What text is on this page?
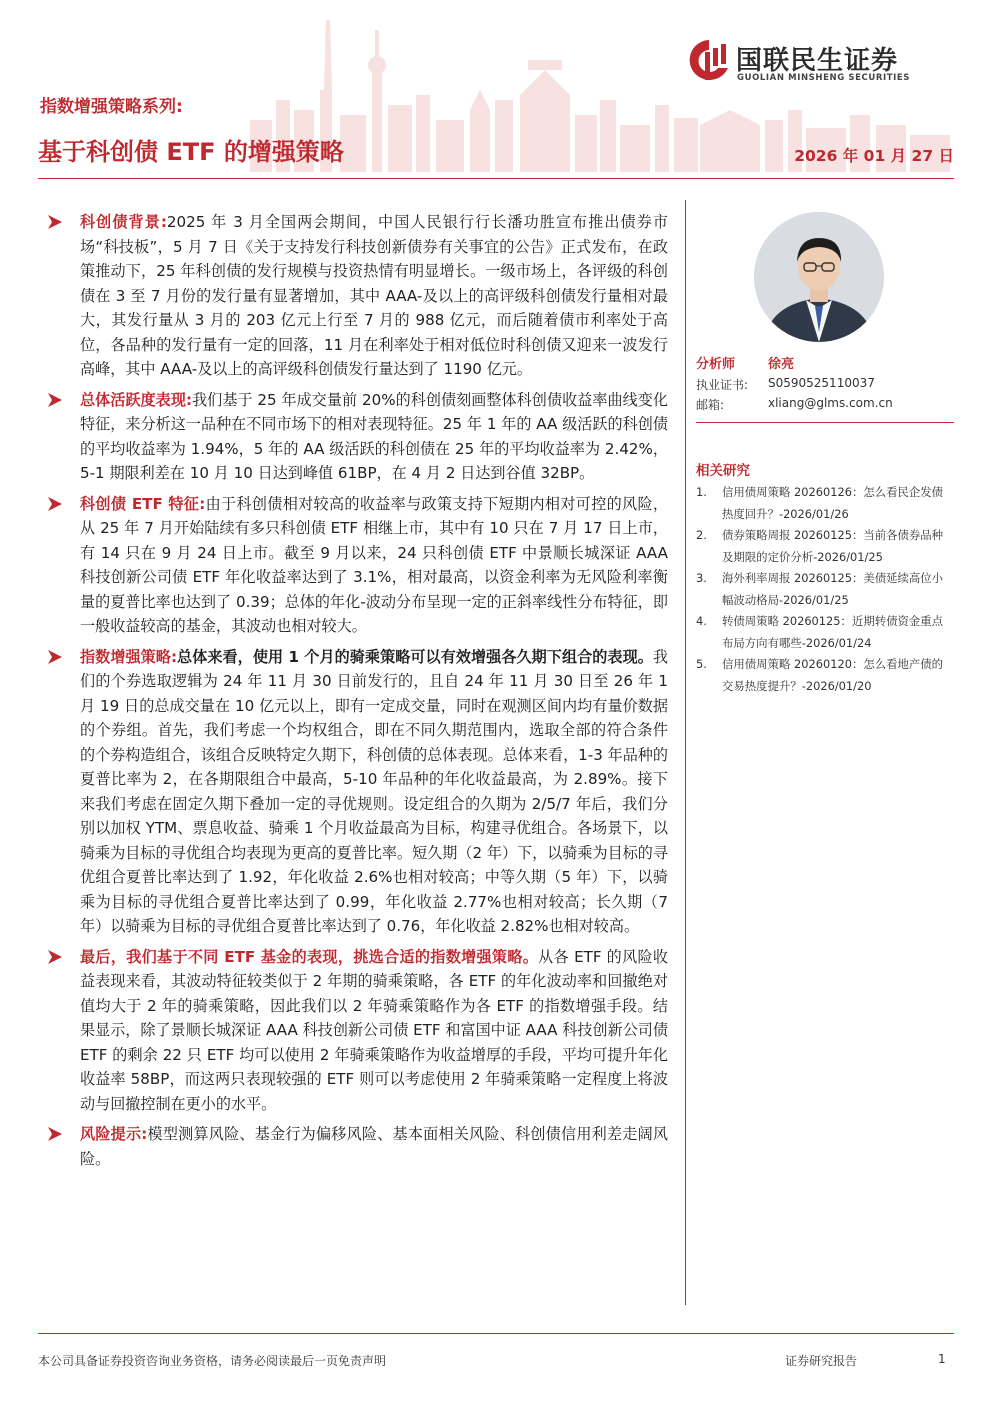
国联民生证券
GUOLIAN MINSHENG SECURITIES
指数增强策略系列:
基于科创债 ETF 的增强策略	2026 年 01 月 27 日
科创债背景:2025 年 3 月全国两会期间，中国人民银行行长潘功胜宣布推出债券市场“科技板”，5 月 7 日《关于支持发行科技创新债券有关事宜的公告》正式发布，在政策推动下，25 年科创债的发行规模与投资热情有明显增长。一级市场上，各评级的科创债在 3 至 7 月份的发行量有显著增加，其中 AAA-及以上的高评级科创债发行量相对最大，其发行量从 3 月的 203 亿元上行至 7 月的 988 亿元，而后随着债市利率处于高位，各品种的发行量有一定的回落，11 月在利率处于相对低位时科创债又迎来一波发行高峰，其中 AAA-及以上的高评级科创债发行量达到了 1190 亿元。
总体活跃度表现:我们基于 25 年成交量前 20%的科创债刻画整体科创债收益率曲线变化特征，来分析这一品种在不同市场下的相对表现特征。25 年 1 年的 AA 级活跃的科创债的平均收益率为 1.94%，5 年的 AA 级活跃的科创债在 25 年的平均收益率为 2.42%，5-1 期限利差在 10 月 10 日达到峰值 61BP，在 4 月 2 日达到谷值 32BP。
科创债 ETF 特征:由于科创债相对较高的收益率与政策支持下短期内相对可控的风险，从 25 年 7 月开始陆续有多只科创债 ETF 相继上市，其中有 10 只在 7 月 17 日上市，有 14 只在 9 月 24 日上市。截至 9 月以来，24 只科创债 ETF 中景顺长城深证 AAA 科技创新公司债 ETF 年化收益率达到了 3.1%，相对最高，以资金利率为无风险利率衡量的夏普比率也达到了 0.39；总体的年化-波动分布呈现一定的正斜率线性分布特征，即一般收益较高的基金，其波动也相对较大。
指数增强策略:总体来看，使用 1 个月的骑乘策略可以有效增强各久期下组合的表现。我们的个券选取逻辑为 24 年 11 月 30 日前发行的，且自 24 年 11 月 30 日至 26 年 1 月 19 日的总成交量在 10 亿元以上，即有一定成交量，同时在观测区间内均有量价数据的个券组。首先，我们考虑一个均权组合，即在不同久期范围内，选取全部的符合条件的个券构造组合，该组合反映特定久期下，科创债的总体表现。总体来看，1-3 年品种的夏普比率为 2，在各期限组合中最高，5-10 年品种的年化收益最高，为 2.89%。接下来我们考虑在固定久期下叠加一定的寻优规则。设定组合的久期为 2/5/7 年后，我们分别以加权 YTM、票息收益、骑乘 1 个月收益最高为目标，构建寻优组合。各场景下，以骑乘为目标的寻优组合均表现为更高的夏普比率。短久期（2 年）下，以骑乘为目标的寻优组合夏普比率达到了 1.92，年化收益 2.6%也相对较高；中等久期（5 年）下，以骑乘为目标的寻优组合夏普比率达到了 0.99，年化收益 2.77%也相对较高；长久期（7 年）以骑乘为目标的寻优组合夏普比率达到了 0.76，年化收益 2.82%也相对较高。
最后，我们基于不同 ETF 基金的表现，挑选合适的指数增强策略。从各 ETF 的风险收益表现来看，其波动特征较类似于 2 年期的骑乘策略，各 ETF 的年化波动率和回撤绝对值均大于 2 年的骑乘策略，因此我们以 2 年骑乘策略作为各 ETF 的指数增强手段。结果显示，除了景顺长城深证 AAA 科技创新公司债 ETF 和富国中证 AAA 科技创新公司债 ETF 的剩余 22 只 ETF 均可以使用 2 年骑乘策略作为收益增厚的手段，平均可提升年化收益率 58BP，而这两只表现较强的 ETF 则可以考虑使用 2 年骑乘策略一定程度上将波动与回撤控制在更小的水平。
风险提示:模型测算风险、基金行为偏移风险、基本面相关风险、科创债信用利差走阔风险。
分析师	徐亮
执业证书: S0590525110037
邮箱:	xliang@glms.com.cn
相关研究
1. 信用债周策略 20260126：怎么看民企发债热度回升？-2026/01/26
2. 债券策略周报 20260125：当前各债券品种及期限的定价分析-2026/01/25
3. 海外利率周报 20260125：美债延续高位小幅波动格局-2026/01/25
4. 转债周策略 20260125：近期转债资金重点布局方向有哪些-2026/01/24
5. 信用债周策略 20260120：怎么看地产债的交易热度提升？-2026/01/20
本公司具备证券投资咨询业务资格，请务必阅读最后一页免责声明	证券研究报告	1
